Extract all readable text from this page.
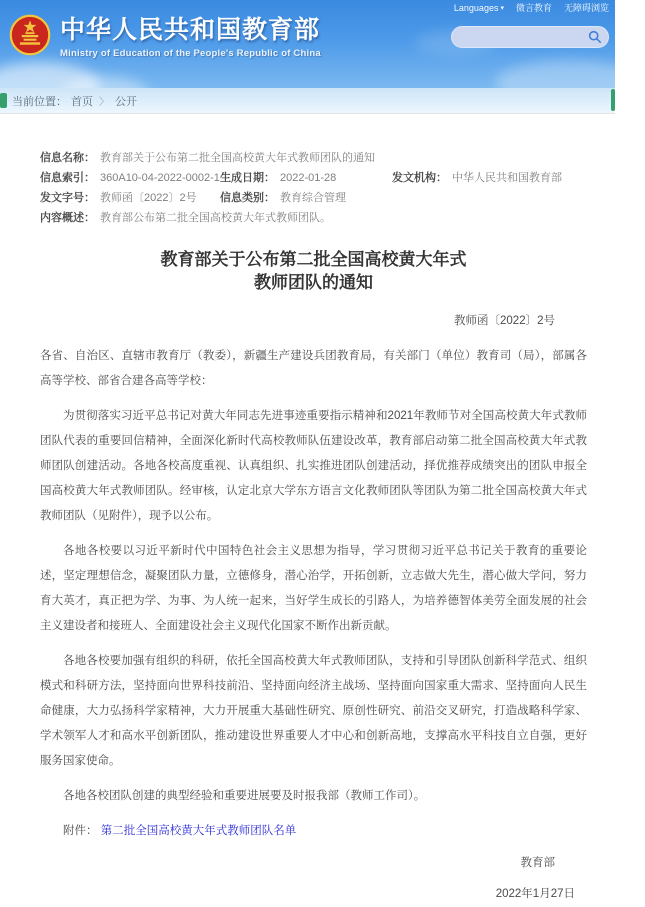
Languages ▾ 微言教育 无障碍浏览
中华人民共和国教育部
Ministry of Education of the People's Republic of China
当前位置： 首页 〉 公开
信息名称： 教育部关于公布第二批全国高校黄大年式教师团队的通知
信息索引： 360A10-04-2022-0002-1 生成日期： 2022-01-28	发文机构： 中华人民共和国教育部
发文字号： 教师函〔2022〕2号 信息类别： 教育综合管理
内容概述： 教育部公布第二批全国高校黄大年式教师团队。
教育部关于公布第二批全国高校黄大年式
教师团队的通知
教师函〔2022〕2号

各省、自治区、直辖市教育厅（教委），新疆生产建设兵团教育局，有关部门（单位）教育司（局），部属各高等学校、部省合建各高等学校：

为贯彻落实习近平总书记对黄大年同志先进事迹重要指示精神和2021年教师节对全国高校黄大年式教师团队代表的重要回信精神，全面深化新时代高校教师队伍建设改革，教育部启动第二批全国高校黄大年式教师团队创建活动。各地各校高度重视、认真组织、扎实推进团队创建活动，择优推荐成绩突出的团队申报全国高校黄大年式教师团队。经审核，认定北京大学东方语言文化教师团队等团队为第二批全国高校黄大年式教师团队（见附件），现予以公布。

各地各校要以习近平新时代中国特色社会主义思想为指导，学习贯彻习近平总书记关于教育的重要论述，坚定理想信念，凝聚团队力量，立德修身，潜心治学，开拓创新，立志做大先生，潜心做大学问，努力育大英才，真正把为学、为事、为人统一起来，当好学生成长的引路人，为培养德智体美劳全面发展的社会主义建设者和接班人、全面建设社会主义现代化国家不断作出新贡献。

各地各校要加强有组织的科研，依托全国高校黄大年式教师团队，支持和引导团队创新科学范式、组织模式和科研方法，坚持面向世界科技前沿、坚持面向经济主战场、坚持面向国家重大需求、坚持面向人民生命健康，大力弘扬科学家精神，大力开展重大基础性研究、原创性研究、前沿交叉研究，打造战略科学家、学术领军人才和高水平创新团队，推动建设世界重要人才中心和创新高地，支撑高水平科技自立自强，更好服务国家使命。

各地各校团队创建的典型经验和重要进展要及时报我部（教师工作司）。

附件： 第二批全国高校黄大年式教师团队名单

教育部
2022年1月27日
